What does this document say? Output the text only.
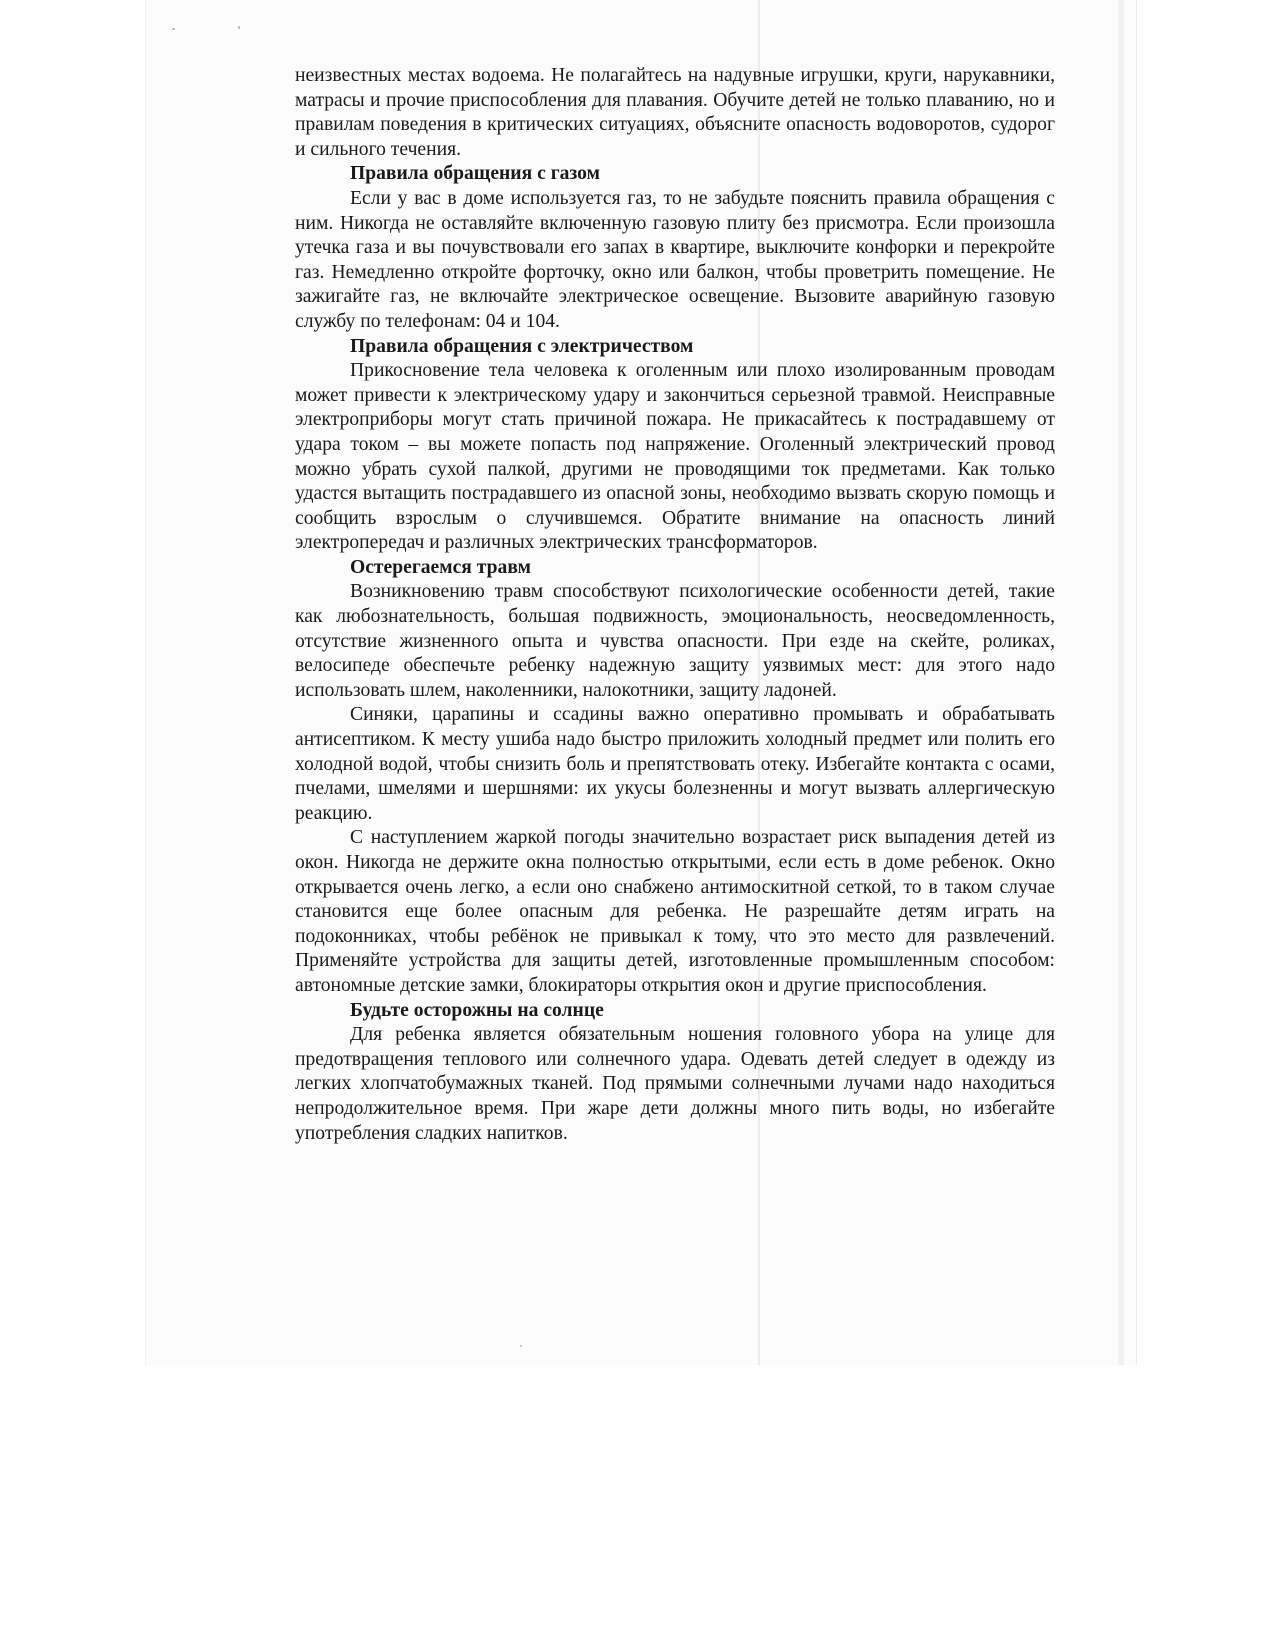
неизвестных местах водоема. Не полагайтесь на надувные игрушки, круги, нарукавники, матрасы и прочие приспособления для плавания. Обучите детей не только плаванию, но и правилам поведения в критических ситуациях, объясните опасность водоворотов, судорог и сильного течения.

Правила обращения с газом

Если у вас в доме используется газ, то не забудьте пояснить правила обращения с ним. Никогда не оставляйте включенную газовую плиту без присмотра. Если произошла утечка газа и вы почувствовали его запах в квартире, выключите конфорки и перекройте газ. Немедленно откройте форточку, окно или балкон, чтобы проветрить помещение. Не зажигайте газ, не включайте электрическое освещение. Вызовите аварийную газовую службу по телефонам: 04 и 104.

Правила обращения с электричеством

Прикосновение тела человека к оголенным или плохо изолированным проводам может привести к электрическому удару и закончиться серьезной травмой. Неисправные электроприборы могут стать причиной пожара. Не прикасайтесь к пострадавшему от удара током – вы можете попасть под напряжение. Оголенный электрический провод можно убрать сухой палкой, другими не проводящими ток предметами. Как только удастся вытащить пострадавшего из опасной зоны, необходимо вызвать скорую помощь и сообщить взрослым о случившемся. Обратите внимание на опасность линий электропередач и различных электрических трансформаторов.

Остерегаемся травм

Возникновению травм способствуют психологические особенности детей, такие как любознательность, большая подвижность, эмоциональность, неосведомленность, отсутствие жизненного опыта и чувства опасности. При езде на скейте, роликах, велосипеде обеспечьте ребенку надежную защиту уязвимых мест: для этого надо использовать шлем, наколенники, налокотники, защиту ладоней.

Синяки, царапины и ссадины важно оперативно промывать и обрабатывать антисептиком. К месту ушиба надо быстро приложить холодный предмет или полить его холодной водой, чтобы снизить боль и препятствовать отеку. Избегайте контакта с осами, пчелами, шмелями и шершнями: их укусы болезненны и могут вызвать аллергическую реакцию.

С наступлением жаркой погоды значительно возрастает риск выпадения детей из окон. Никогда не держите окна полностью открытыми, если есть в доме ребенок. Окно открывается очень легко, а если оно снабжено антимоскитной сеткой, то в таком случае становится еще более опасным для ребенка. Не разрешайте детям играть на подоконниках, чтобы ребёнок не привыкал к тому, что это место для развлечений. Применяйте устройства для защиты детей, изготовленные промышленным способом: автономные детские замки, блокираторы открытия окон и другие приспособления.

Будьте осторожны на солнце

Для ребенка является обязательным ношения головного убора на улице для предотвращения теплового или солнечного удара. Одевать детей следует в одежду из легких хлопчатобумажных тканей. Под прямыми солнечными лучами надо находиться непродолжительное время. При жаре дети должны много пить воды, но избегайте употребления сладких напитков.
